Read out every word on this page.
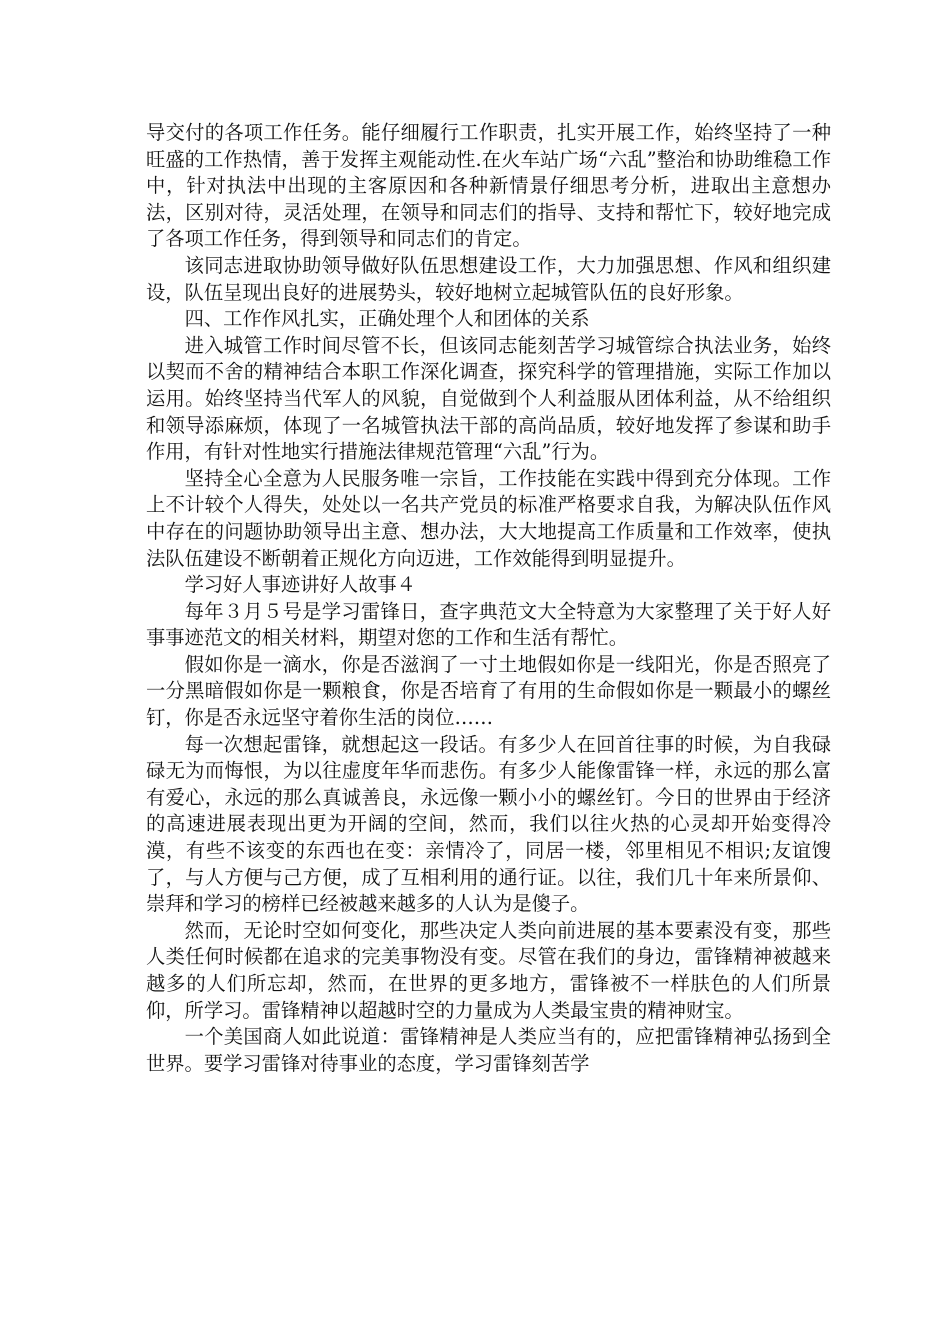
导交付的各项工作任务。能仔细履行工作职责，扎实开展工作，始终坚持了一种旺盛的工作热情，善于发挥主观能动性.在火车站广场“六乱”整治和协助维稳工作中，针对执法中出现的主客原因和各种新情景仔细思考分析，进取出主意想办法，区别对待，灵活处理，在领导和同志们的指导、支持和帮忙下，较好地完成了各项工作任务，得到领导和同志们的肯定。

该同志进取协助领导做好队伍思想建设工作，大力加强思想、作风和组织建设，队伍呈现出良好的进展势头，较好地树立起城管队伍的良好形象。

四、工作作风扎实，正确处理个人和团体的关系

进入城管工作时间尽管不长，但该同志能刻苦学习城管综合执法业务，始终以契而不舍的精神结合本职工作深化调查，探究科学的管理措施，实际工作加以运用。始终坚持当代军人的风貌，自觉做到个人利益服从团体利益，从不给组织和领导添麻烦，体现了一名城管执法干部的高尚品质，较好地发挥了参谋和助手作用，有针对性地实行措施法律规范管理“六乱”行为。

坚持全心全意为人民服务唯一宗旨，工作技能在实践中得到充分体现。工作上不计较个人得失，处处以一名共产党员的标准严格要求自我，为解决队伍作风中存在的问题协助领导出主意、想办法，大大地提高工作质量和工作效率，使执法队伍建设不断朝着正规化方向迈进，工作效能得到明显提升。

学习好人事迹讲好人故事４

每年３月５号是学习雷锋日，查字典范文大全特意为大家整理了关于好人好事事迹范文的相关材料，期望对您的工作和生活有帮忙。

假如你是一滴水，你是否滋润了一寸土地假如你是一线阳光，你是否照亮了一分黑暗假如你是一颗粮食，你是否培育了有用的生命假如你是一颗最小的螺丝钉，你是否永远坚守着你生活的岗位……

每一次想起雷锋，就想起这一段话。有多少人在回首往事的时候，为自我碌碌无为而悔恨，为以往虚度年华而悲伤。有多少人能像雷锋一样，永远的那么富有爱心，永远的那么真诚善良，永远像一颗小小的螺丝钉。今日的世界由于经济的高速进展表现出更为开阔的空间，然而，我们以往火热的心灵却开始变得冷漠，有些不该变的东西也在变：亲情冷了，同居一楼，邻里相见不相识;友谊馊了，与人方便与己方便，成了互相利用的通行证。以往，我们几十年来所景仰、崇拜和学习的榜样已经被越来越多的人认为是傻子。

然而，无论时空如何变化，那些决定人类向前进展的基本要素没有变，那些人类任何时候都在追求的完美事物没有变。尽管在我们的身边，雷锋精神被越来越多的人们所忘却，然而，在世界的更多地方，雷锋被不一样肤色的人们所景仰，所学习。雷锋精神以超越时空的力量成为人类最宝贵的精神财宝。

一个美国商人如此说道：雷锋精神是人类应当有的，应把雷锋精神弘扬到全世界。要学习雷锋对待事业的态度，学习雷锋刻苦学
